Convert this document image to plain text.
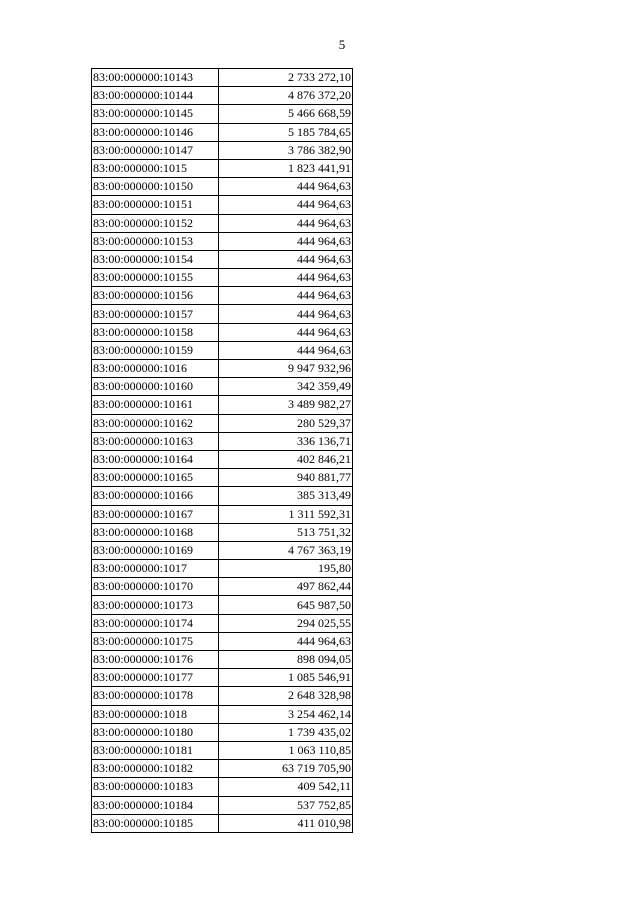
5
83:00:000000:10143	2 733 272,10
83:00:000000:10144	4 876 372,20
83:00:000000:10145	5 466 668,59
83:00:000000:10146	5 185 784,65
83:00:000000:10147	3 786 382,90
83:00:000000:1015	1 823 441,91
83:00:000000:10150	444 964,63
83:00:000000:10151	444 964,63
83:00:000000:10152	444 964,63
83:00:000000:10153	444 964,63
83:00:000000:10154	444 964,63
83:00:000000:10155	444 964,63
83:00:000000:10156	444 964,63
83:00:000000:10157	444 964,63
83:00:000000:10158	444 964,63
83:00:000000:10159	444 964,63
83:00:000000:1016	9 947 932,96
83:00:000000:10160	342 359,49
83:00:000000:10161	3 489 982,27
83:00:000000:10162	280 529,37
83:00:000000:10163	336 136,71
83:00:000000:10164	402 846,21
83:00:000000:10165	940 881,77
83:00:000000:10166	385 313,49
83:00:000000:10167	1 311 592,31
83:00:000000:10168	513 751,32
83:00:000000:10169	4 767 363,19
83:00:000000:1017	195,80
83:00:000000:10170	497 862,44
83:00:000000:10173	645 987,50
83:00:000000:10174	294 025,55
83:00:000000:10175	444 964,63
83:00:000000:10176	898 094,05
83:00:000000:10177	1 085 546,91
83:00:000000:10178	2 648 328,98
83:00:000000:1018	3 254 462,14
83:00:000000:10180	1 739 435,02
83:00:000000:10181	1 063 110,85
83:00:000000:10182	63 719 705,90
83:00:000000:10183	409 542,11
83:00:000000:10184	537 752,85
83:00:000000:10185	411 010,98
